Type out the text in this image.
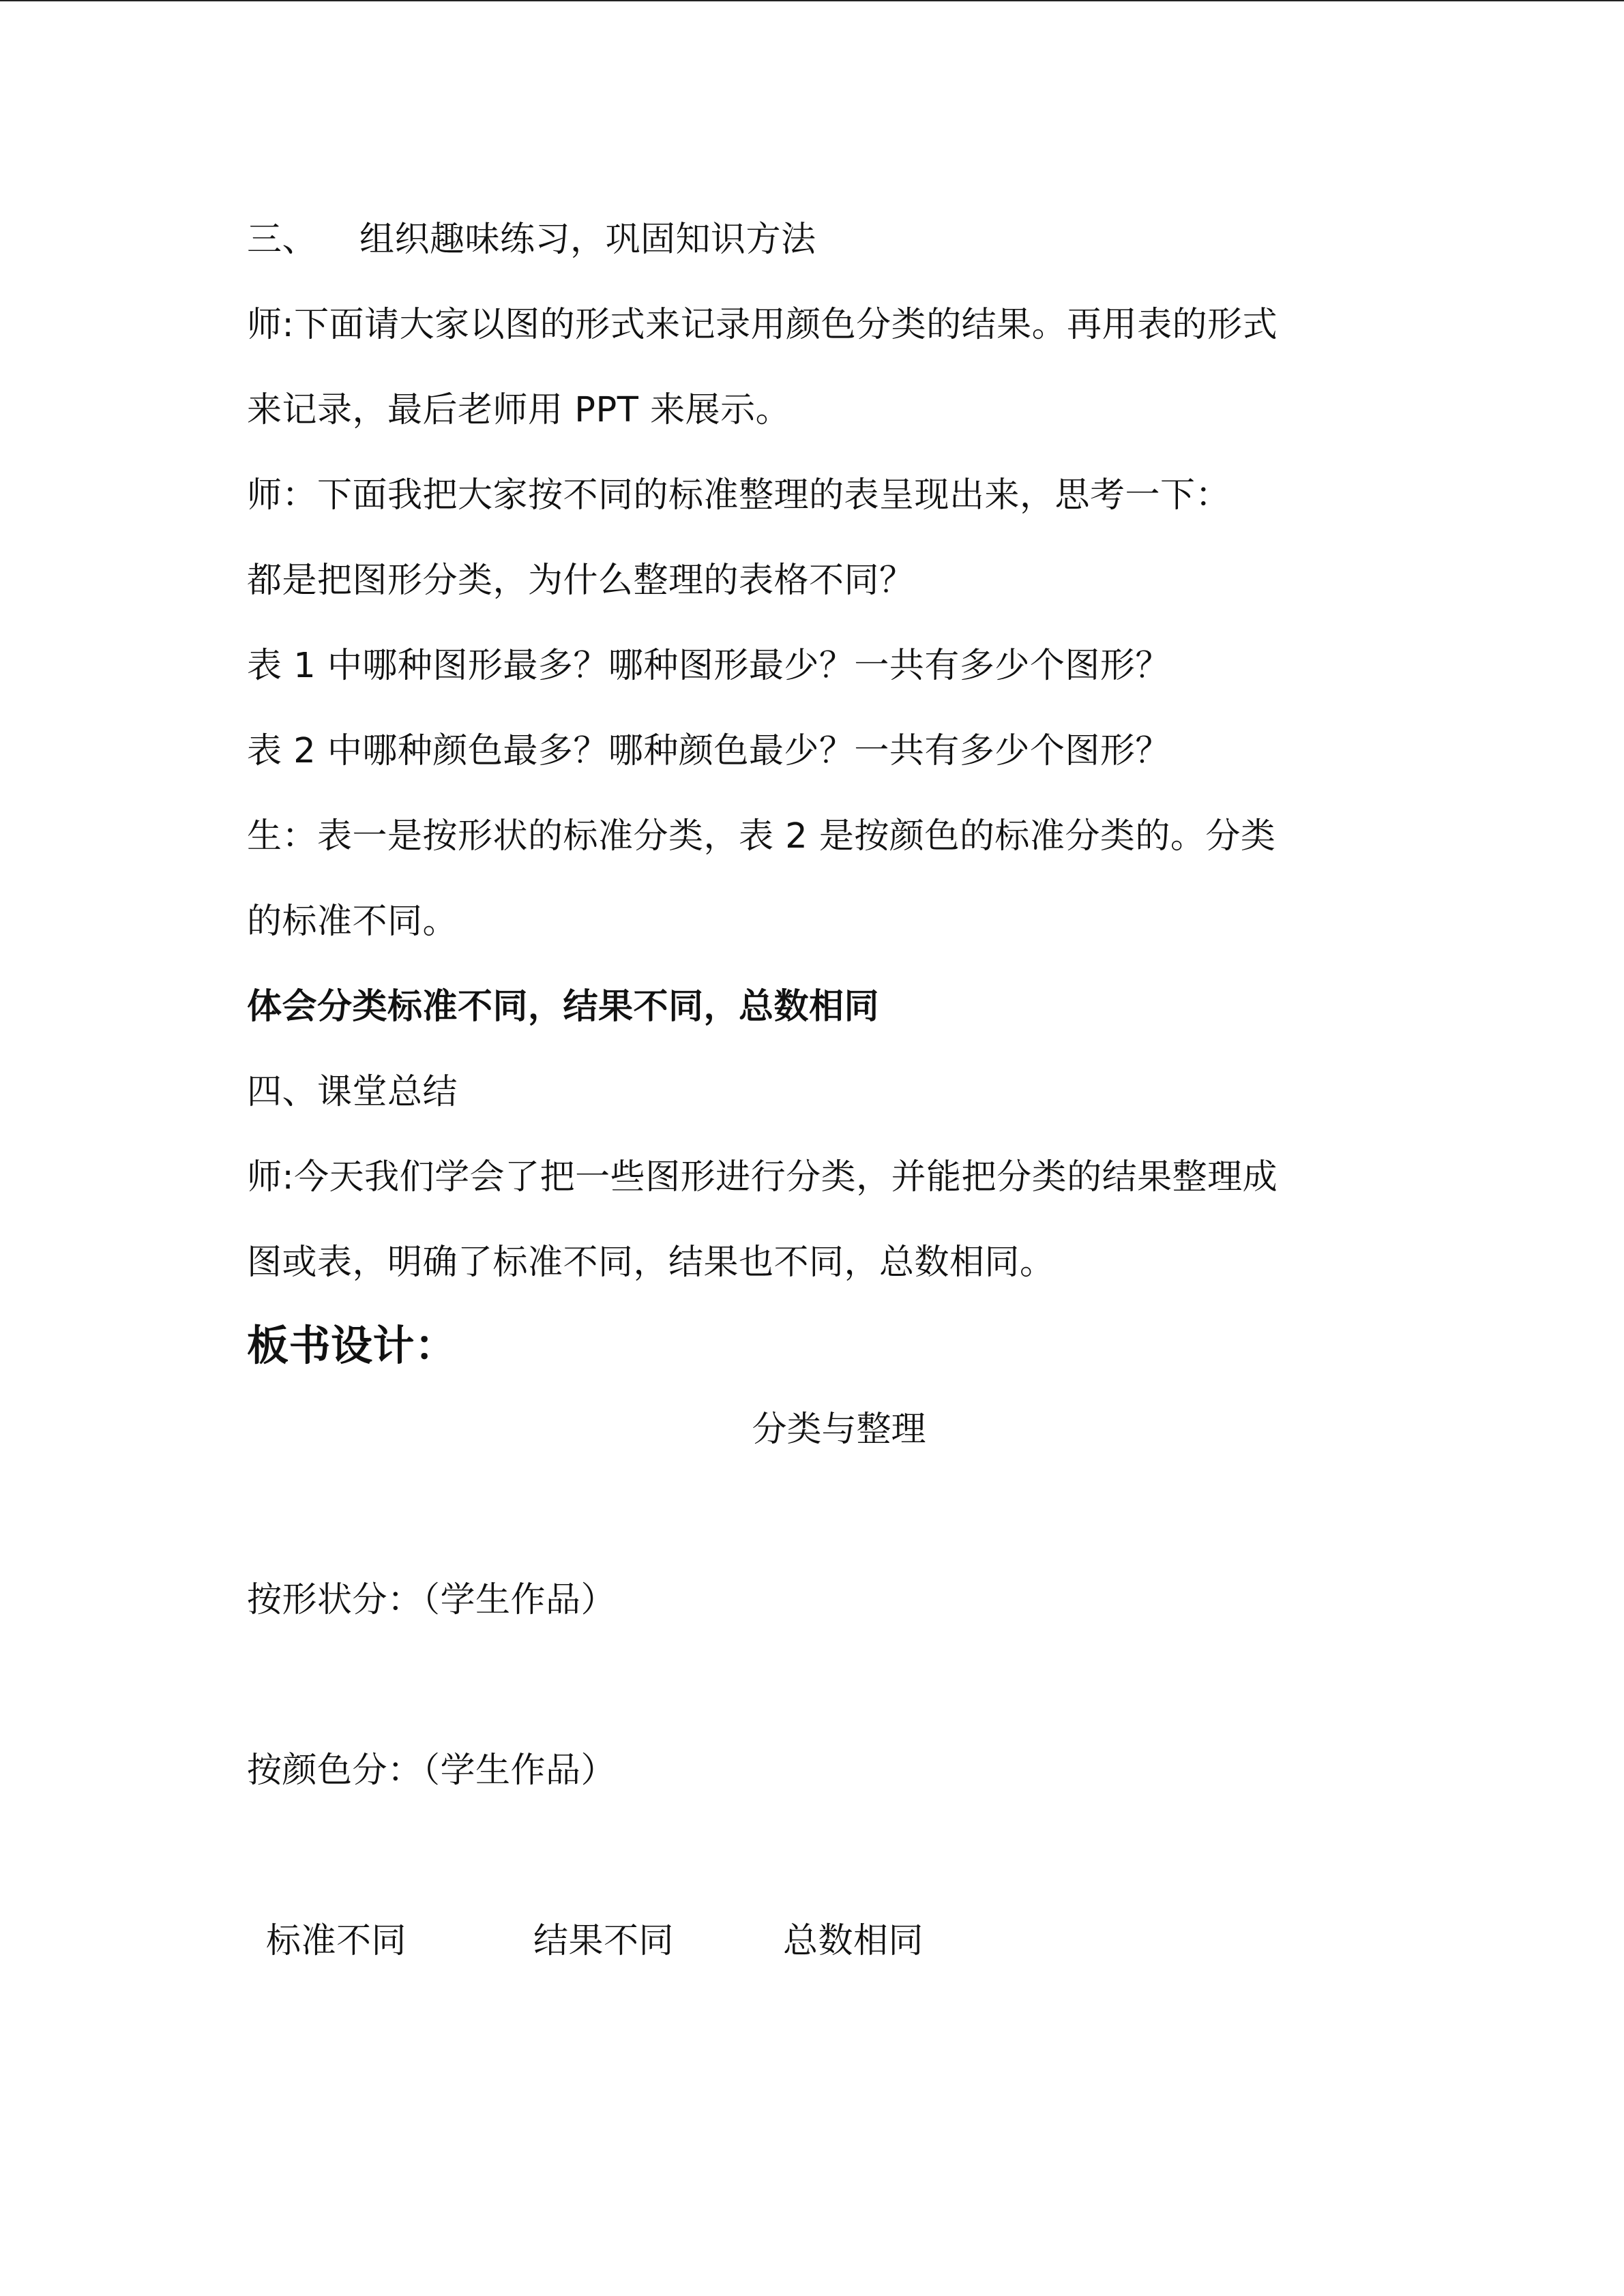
三、 组织趣味练习，巩固知识方法
师:下面请大家以图的形式来记录用颜色分类的结果。再用表的形式
来记录，最后老师用 PPT 来展示。
师：下面我把大家按不同的标准整理的表呈现出来，思考一下：
都是把图形分类，为什么整理的表格不同？
表 1 中哪种图形最多？哪种图形最少？一共有多少个图形？
表 2 中哪种颜色最多？哪种颜色最少？一共有多少个图形？
生：表一是按形状的标准分类，表 2 是按颜色的标准分类的。分类
的标准不同。
体会分类标准不同，结果不同，总数相同
四、课堂总结
师:今天我们学会了把一些图形进行分类，并能把分类的结果整理成
图或表，明确了标准不同，结果也不同，总数相同。
板书设计：
分类与整理
按形状分：（学生作品）
按颜色分：（学生作品）
标准不同	结果不同	总数相同
